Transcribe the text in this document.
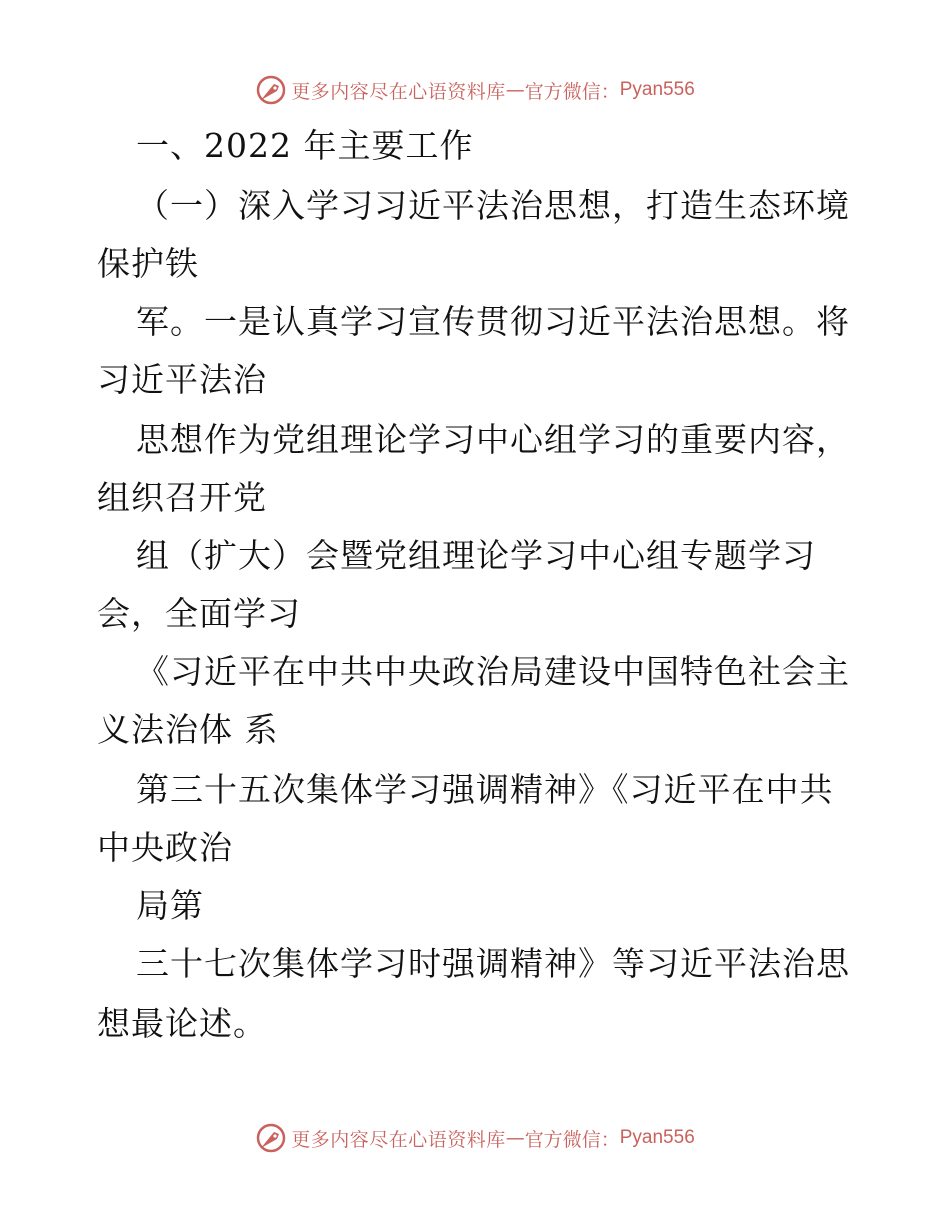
更多内容尽在心语资料库 — 官方微信： Pyan556
一、2022 年主要工作
（一）深入学习习近平法治思想，打造生态环境
保护铁
军。一是认真学习宣传贯彻习近平法治思想。将
习近平法治
思想作为党组理论学习中心组学习的重要内容，
组织召开党
组（扩大）会暨党组理论学习中心组专题学习
会，全面学习
《习近平在中共中央政治局建设中国特色社会主
义法治体 系
第三十五次集体学习强调精神》《习近平在中共
中央政治
局第
三十七次集体学习时强调精神》等习近平法治思
想最论述。
更多内容尽在心语资料库 — 官方微信： Pyan556
